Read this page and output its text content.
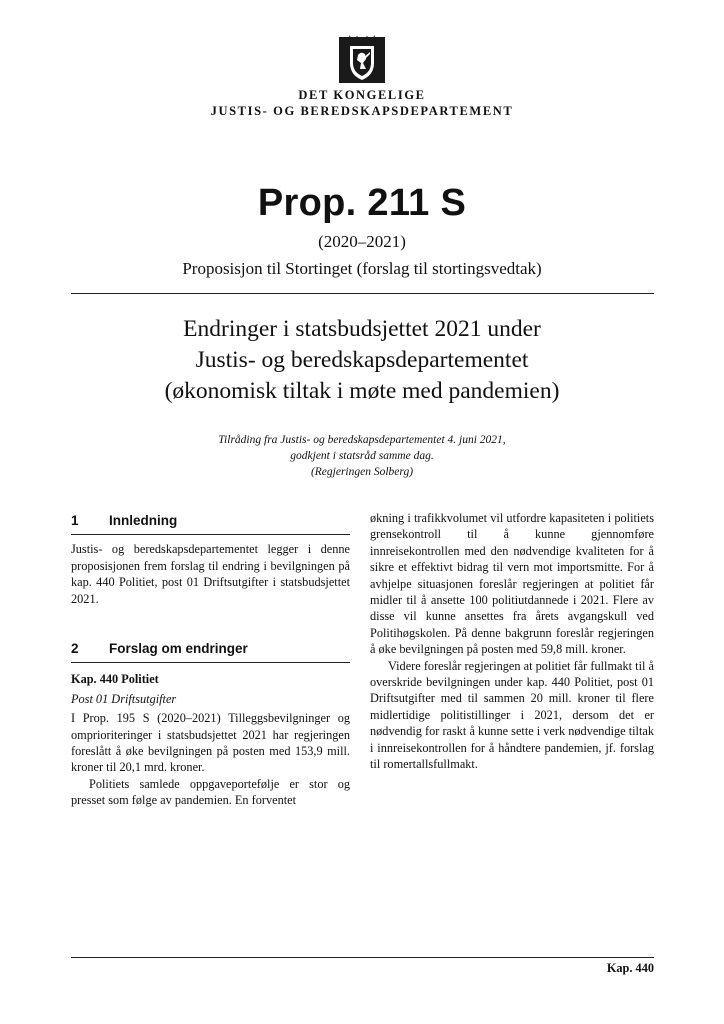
DET KONGELIGE
JUSTIS- OG BEREDSKAPSDEPARTEMENT
Prop. 211 S
(2020–2021)
Proposisjon til Stortinget (forslag til stortingsvedtak)
Endringer i statsbudsjettet 2021 under
Justis- og beredskapsdepartementet
(økonomisk tiltak i møte med pandemien)
Tilråding fra Justis- og beredskapsdepartementet 4. juni 2021,
godkjent i statsråd samme dag.
(Regjeringen Solberg)
1	Innledning

Justis- og beredskapsdepartementet legger i denne proposisjonen frem forslag til endring i bevilgningen på kap. 440 Politiet, post 01 Driftsutgifter i statsbudsjettet 2021.

2	Forslag om endringer

Kap. 440 Politiet

Post 01 Driftsutgifter

I Prop. 195 S (2020–2021) Tilleggsbevilgninger og omprioriteringer i statsbudsjettet 2021 har regjeringen foreslått å øke bevilgningen på posten med 153,9 mill. kroner til 20,1 mrd. kroner.

Politiets samlede oppgaveportefølje er stor og presset som følge av pandemien. En forventet

økning i trafikkvolumet vil utfordre kapasiteten i politiets grensekontroll til å kunne gjennomføre innreisekontrollen med den nødvendige kvaliteten for å sikre et effektivt bidrag til vern mot importsmitte. For å avhjelpe situasjonen foreslår regjeringen at politiet får midler til å ansette 100 politiutdannede i 2021. Flere av disse vil kunne ansettes fra årets avgangskull ved Politihøgskolen. På denne bakgrunn foreslår regjeringen å øke bevilgningen på posten med 59,8 mill. kroner.

Videre foreslår regjeringen at politiet får fullmakt til å overskride bevilgningen under kap. 440 Politiet, post 01 Driftsutgifter med til sammen 20 mill. kroner til flere midlertidige politistillinger i 2021, dersom det er nødvendig for raskt å kunne sette i verk nødvendige tiltak i innreisekontrollen for å håndtere pandemien, jf. forslag til romertallsfullmakt.

Kap. 440
